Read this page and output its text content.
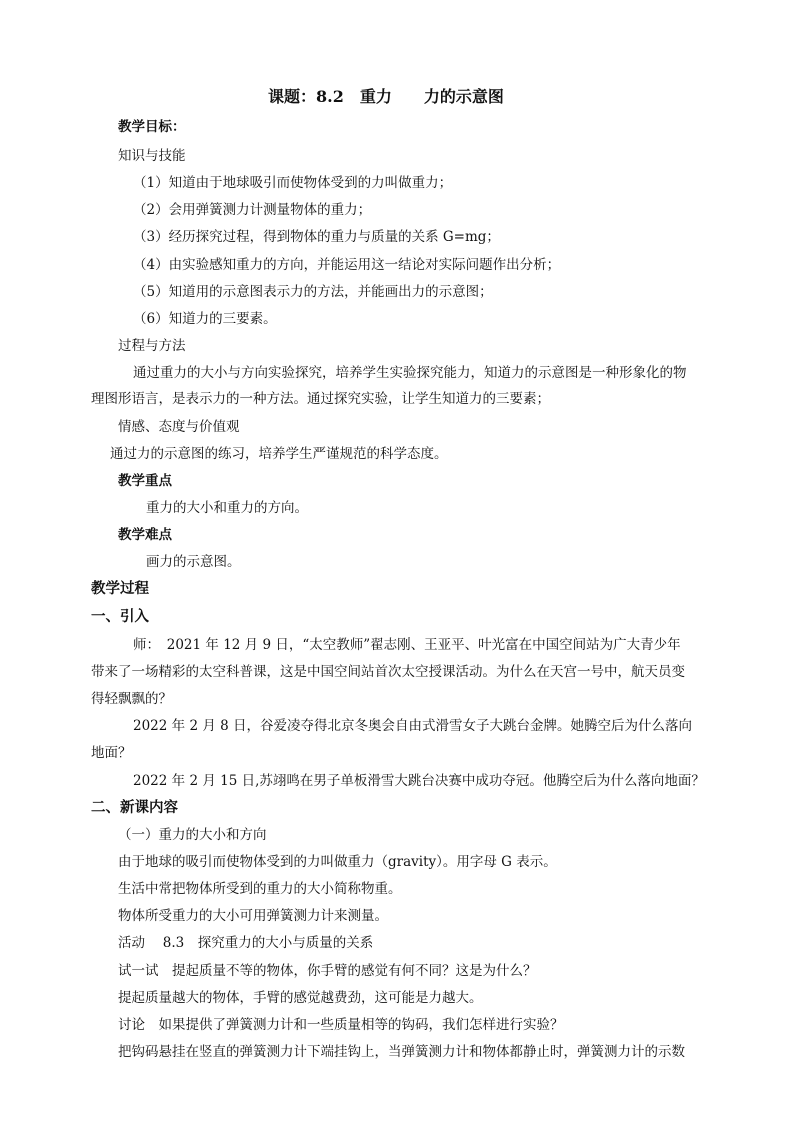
课题：8.2　重力　　力的示意图
教学目标：
知识与技能
（1）知道由于地球吸引而使物体受到的力叫做重力；
（2）会用弹簧测力计测量物体的重力；
（3）经历探究过程，得到物体的重力与质量的关系 G=mg；
（4）由实验感知重力的方向，并能运用这一结论对实际问题作出分析；
（5）知道用的示意图表示力的方法，并能画出力的示意图；
（6）知道力的三要素。
过程与方法
通过重力的大小与方向实验探究，培养学生实验探究能力，知道力的示意图是一种形象化的物
理图形语言，是表示力的一种方法。通过探究实验，让学生知道力的三要素；
情感、态度与价值观
通过力的示意图的练习，培养学生严谨规范的科学态度。
教学重点
重力的大小和重力的方向。
教学难点
画力的示意图。
教学过程
一、引入
师：　2021 年 12 月 9 日，“太空教师”翟志刚、王亚平、叶光富在中国空间站为广大青少年
带来了一场精彩的太空科普课，这是中国空间站首次太空授课活动。为什么在天宫一号中，航天员变
得轻飘飘的？
2022 年 2 月 8 日，谷爱凌夺得北京冬奥会自由式滑雪女子大跳台金牌。她腾空后为什么落向
地面？
2022 年 2 月 15 日,苏翊鸣在男子单板滑雪大跳台决赛中成功夺冠。他腾空后为什么落向地面？
二、新课内容
（一）重力的大小和方向
由于地球的吸引而使物体受到的力叫做重力（gravity）。用字母 G 表示。
生活中常把物体所受到的重力的大小简称物重。
物体所受重力的大小可用弹簧测力计来测量。
活动　 8.3　探究重力的大小与质量的关系
试一试　提起质量不等的物体，你手臂的感觉有何不同？这是为什么？
提起质量越大的物体，手臂的感觉越费劲，这可能是力越大。
讨论　如果提供了弹簧测力计和一些质量相等的钩码，我们怎样进行实验？
把钩码悬挂在竖直的弹簧测力计下端挂钩上，当弹簧测力计和物体都静止时，弹簧测力计的示数
